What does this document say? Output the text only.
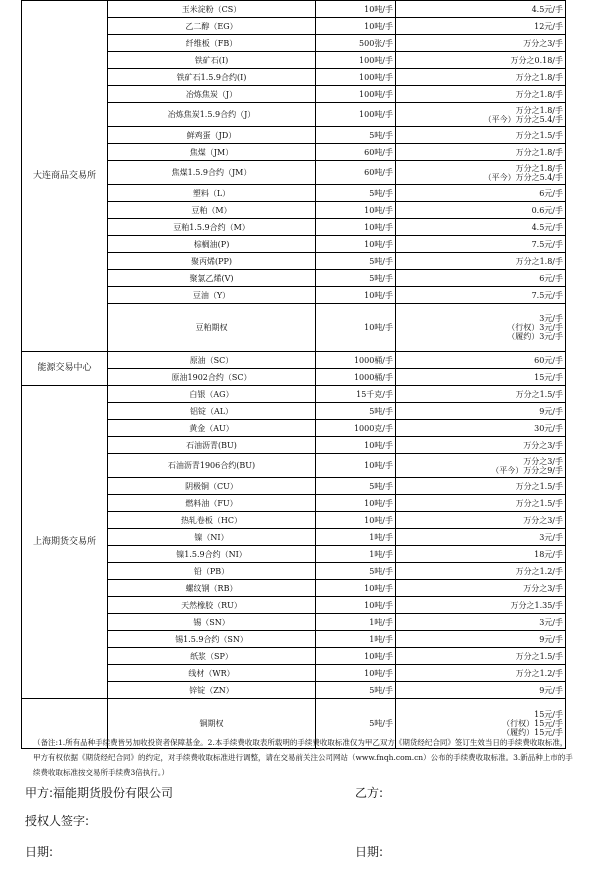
大连商品交易所	玉米淀粉（CS）	10吨/手	4.5元/手

	乙二醇（EG）	10吨/手	12元/手

	纤维板（FB）	500张/手	万分之3/手

	铁矿石(I)	100吨/手	万分之0.18/手

	铁矿石1.5.9合约(I)	100吨/手	万分之1.8/手

	冶炼焦炭（J）	100吨/手	万分之1.8/手

	冶炼焦炭1.5.9合约（J）	100吨/手	万分之1.8/手
（平今）万分之5.4/手

	鲜鸡蛋（JD）	5吨/手	万分之1.5/手

	焦煤（JM）	60吨/手	万分之1.8/手

	焦煤1.5.9合约（JM）	60吨/手	万分之1.8/手
（平今）万分之5.4/手

	塑料（L）	5吨/手	6元/手

	豆粕（M）	10吨/手	0.6元/手

	豆粕1.5.9合约（M）	10吨/手	4.5元/手

	棕榈油(P)	10吨/手	7.5元/手

	聚丙烯(PP)	5吨/手	万分之1.8/手

	聚氯乙烯(V)	5吨/手	6元/手

	豆油（Y）	10吨/手	7.5元/手

	豆粕期权	10吨/手	3元/手
（行权）3元/手
（履约）3元/手

能源交易中心	原油（SC）	1000桶/手	60元/手

	原油1902合约（SC）	1000桶/手	15元/手

上海期货交易所	白银（AG）	15千克/手	万分之1.5/手

	铝锭（AL）	5吨/手	9元/手

	黄金（AU）	1000克/手	30元/手

	石油沥青(BU)	10吨/手	万分之3/手

	石油沥青1906合约(BU)	10吨/手	万分之3/手
（平今）万分之9/手

	阴极铜（CU）	5吨/手	万分之1.5/手

	燃料油（FU）	10吨/手	万分之1.5/手

	热轧卷板（HC）	10吨/手	万分之3/手

	镍（NI）	1吨/手	3元/手

	镍1.5.9合约（NI）	1吨/手	18元/手

	铅（PB）	5吨/手	万分之1.2/手

	螺纹钢（RB）	10吨/手	万分之3/手

	天然橡胶（RU）	10吨/手	万分之1.35/手

	锡（SN）	1吨/手	3元/手

	锡1.5.9合约（SN）	1吨/手	9元/手

	纸浆（SP）	10吨/手	万分之1.5/手

	线材（WR）	10吨/手	万分之1.2/手

	锌锭（ZN）	5吨/手	9元/手

	铜期权	5吨/手	15元/手
（行权）15元/手
（履约）15元/手
（备注:1.所有品种手续费皆另加收投资者保障基金。2.本手续费收取表所载明的手续费收取标准仅为甲乙双方《期货经纪合同》签订生效当日的手续费收取标准，甲方有权依据《期货经纪合同》的约定，对手续费收取标准进行调整，请在交易前关注公司网站（www.fnqh.com.cn）公布的手续费收取标准。3.新品种上市的手续费收取标准按交易所手续费3倍执行。）
甲方:福能期货股份有限公司	乙方:
授权人签字:
日期:	日期:
